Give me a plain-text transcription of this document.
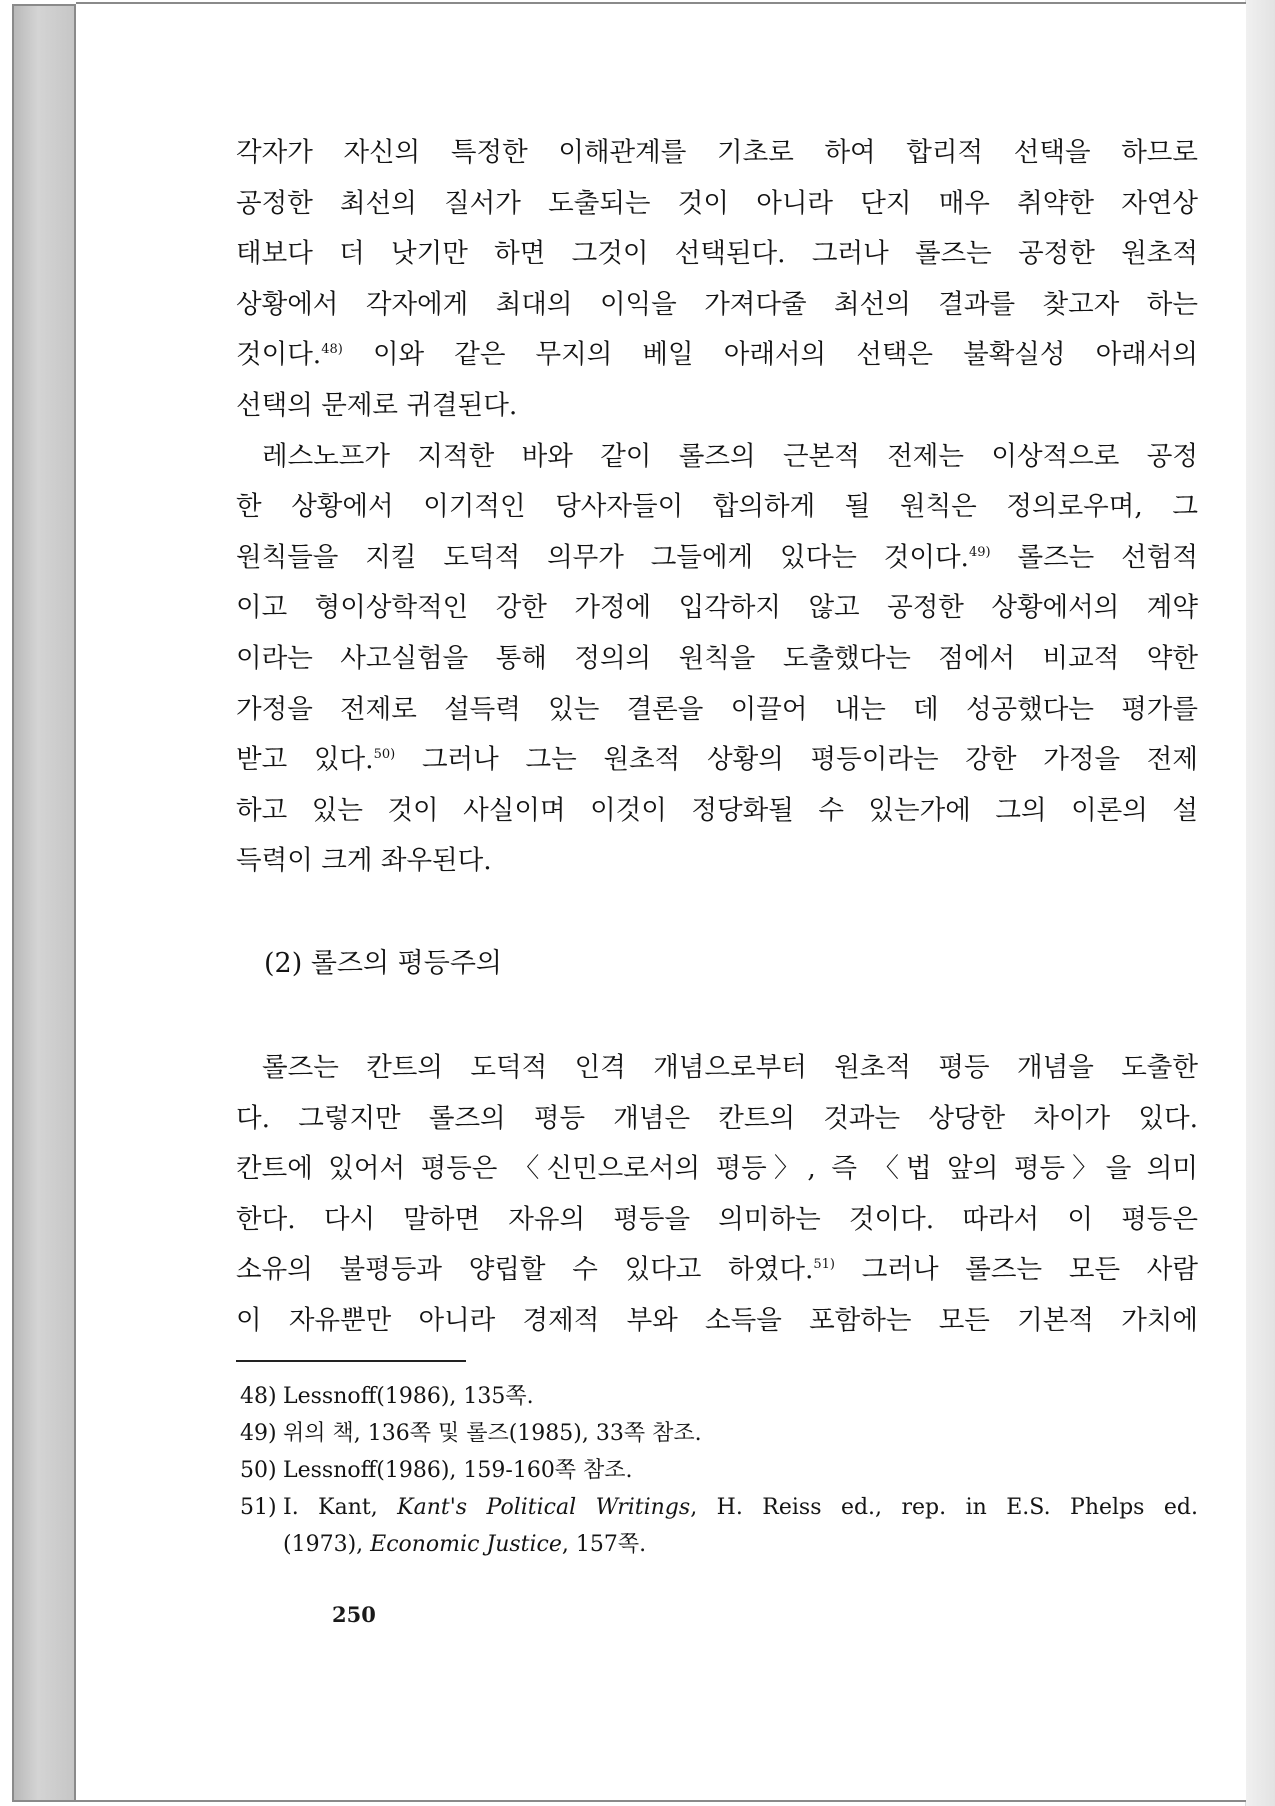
각자가 자신의 특정한 이해관계를 기초로 하여 합리적 선택을 하므로
공정한 최선의 질서가 도출되는 것이 아니라 단지 매우 취약한 자연상
태보다 더 낫기만 하면 그것이 선택된다. 그러나 롤즈는 공정한 원초적
상황에서 각자에게 최대의 이익을 가져다줄 최선의 결과를 찾고자 하는
것이다.$^{48)}$ 이와 같은 무지의 베일 아래서의 선택은 불확실성 아래서의
선택의 문제로 귀결된다.
레스노프가 지적한 바와 같이 롤즈의 근본적 전제는 이상적으로 공정
한 상황에서 이기적인 당사자들이 합의하게 될 원칙은 정의로우며, 그
원칙들을 지킬 도덕적 의무가 그들에게 있다는 것이다.$^{49)}$ 롤즈는 선험적
이고 형이상학적인 강한 가정에 입각하지 않고 공정한 상황에서의 계약
이라는 사고실험을 통해 정의의 원칙을 도출했다는 점에서 비교적 약한
가정을 전제로 설득력 있는 결론을 이끌어 내는 데 성공했다는 평가를
받고 있다.$^{50)}$ 그러나 그는 원초적 상황의 평등이라는 강한 가정을 전제
하고 있는 것이 사실이며 이것이 정당화될 수 있는가에 그의 이론의 설
득력이 크게 좌우된다.
(2) 롤즈의 평등주의
롤즈는 칸트의 도덕적 인격 개념으로부터 원초적 평등 개념을 도출한
다. 그렇지만 롤즈의 평등 개념은 칸트의 것과는 상당한 차이가 있다.
칸트에 있어서 평등은 〈신민으로서의 평등〉, 즉 〈법 앞의 평등〉을 의미
한다. 다시 말하면 자유의 평등을 의미하는 것이다. 따라서 이 평등은
소유의 불평등과 양립할 수 있다고 하였다.$^{51)}$ 그러나 롤즈는 모든 사람
이 자유뿐만 아니라 경제적 부와 소득을 포함하는 모든 기본적 가치에
48) Lessnoff(1986), 135쪽.
49) 위의 책, 136쪽 및 롤즈(1985), 33쪽 참조.
50) Lessnoff(1986), 159-160쪽 참조.
51) I. Kant, Kant's Political Writings, H. Reiss ed., rep. in E.S. Phelps ed.
(1973), Economic Justice, 157쪽.
250
